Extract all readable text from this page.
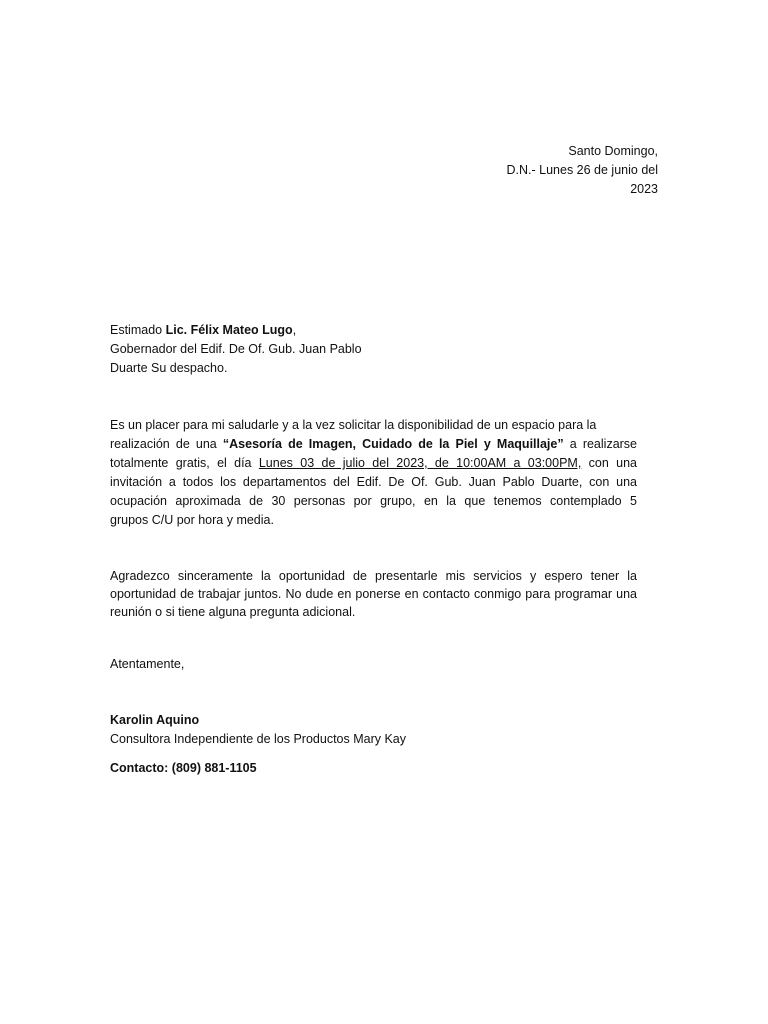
Santo Domingo,
D.N.- Lunes 26 de junio del
2023
Estimado Lic. Félix Mateo Lugo,
Gobernador del Edif. De Of. Gub. Juan Pablo
Duarte Su despacho.
Es un placer para mi saludarle y a la vez solicitar la disponibilidad de un espacio para la
realización de una “Asesoría de Imagen, Cuidado de la Piel y Maquillaje” a realizarse
totalmente gratis, el día Lunes 03 de julio del 2023, de 10:00AM a 03:00PM, con una
invitación a todos los departamentos del Edif. De Of. Gub. Juan Pablo Duarte, con una
ocupación aproximada de 30 personas por grupo, en la que tenemos contemplado 5
grupos C/U por hora y media.
Agradezco sinceramente la oportunidad de presentarle mis servicios y espero tener la
oportunidad de trabajar juntos. No dude en ponerse en contacto conmigo para programar una
reunión o si tiene alguna pregunta adicional.
Atentamente,
Karolin Aquino
Consultora Independiente de los Productos Mary Kay
Contacto: (809) 881-1105
